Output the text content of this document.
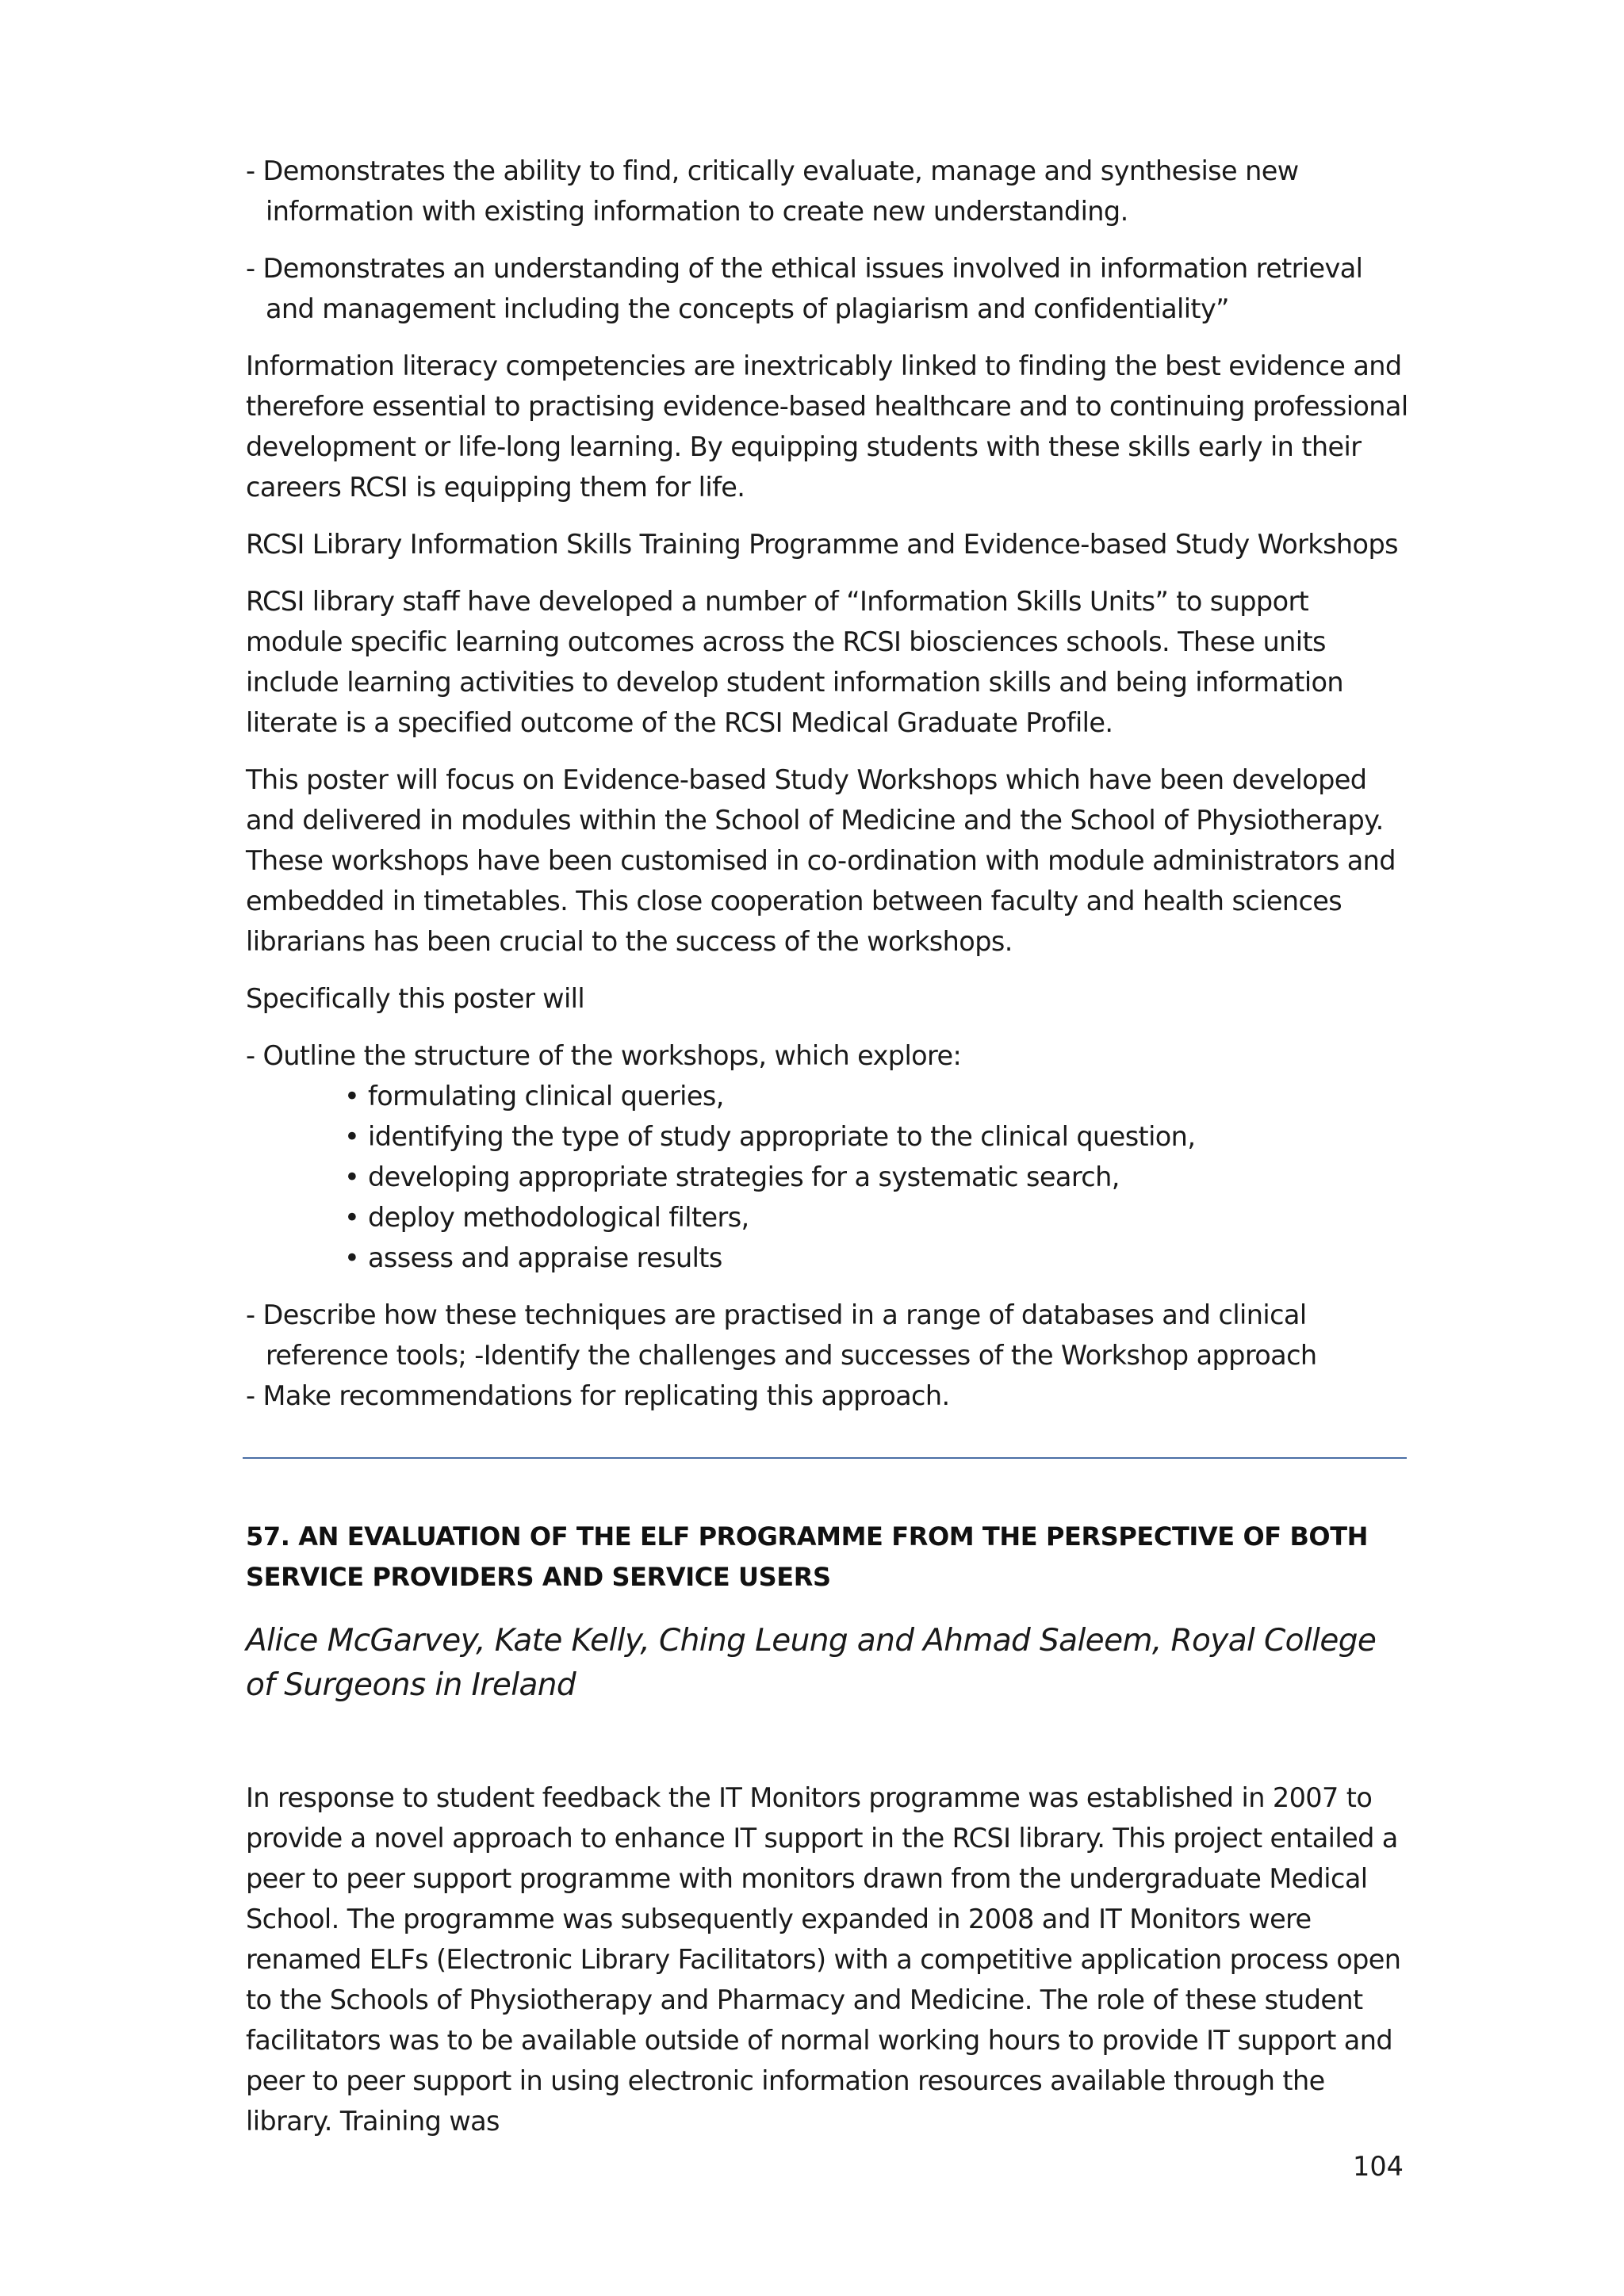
- Demonstrates the ability to find, critically evaluate, manage and synthesise new information with existing information to create new understanding.
- Demonstrates an understanding of the ethical issues involved in information retrieval and management including the concepts of plagiarism and confidentiality”

Information literacy competencies are inextricably linked to finding the best evidence and therefore essential to practising evidence-based healthcare and to continuing professional development or life-long learning. By equipping students with these skills early in their careers RCSI is equipping them for life.

RCSI Library Information Skills Training Programme and Evidence-based Study Workshops

RCSI library staff have developed a number of “Information Skills Units” to support module specific learning outcomes across the RCSI biosciences schools. These units include learning activities to develop student information skills and being information literate is a specified outcome of the RCSI Medical Graduate Profile.

This poster will focus on Evidence-based Study Workshops which have been developed and delivered in modules within the School of Medicine and the School of Physiotherapy. These workshops have been customised in co-ordination with module administrators and embedded in timetables. This close cooperation between faculty and health sciences librarians has been crucial to the success of the workshops.

Specifically this poster will

- Outline the structure of the workshops, which explore:
• formulating clinical queries,
• identifying the type of study appropriate to the clinical question,
• developing appropriate strategies for a systematic search,
• deploy methodological filters,
• assess and appraise results
- Describe how these techniques are practised in a range of databases and clinical reference tools; -Identify the challenges and successes of the Workshop approach
- Make recommendations for replicating this approach.
57. AN EVALUATION OF THE ELF PROGRAMME FROM THE PERSPECTIVE OF BOTH SERVICE PROVIDERS AND SERVICE USERS
Alice McGarvey, Kate Kelly, Ching Leung and Ahmad Saleem, Royal College of Surgeons in Ireland

In response to student feedback the IT Monitors programme was established in 2007 to provide a novel approach to enhance IT support in the RCSI library. This project entailed a peer to peer support programme with monitors drawn from the undergraduate Medical School. The programme was subsequently expanded in 2008 and IT Monitors were renamed ELFs (Electronic Library Facilitators) with a competitive application process open to the Schools of Physiotherapy and Pharmacy and Medicine. The role of these student facilitators was to be available outside of normal working hours to provide IT support and peer to peer support in using electronic information resources available through the library. Training was

104
